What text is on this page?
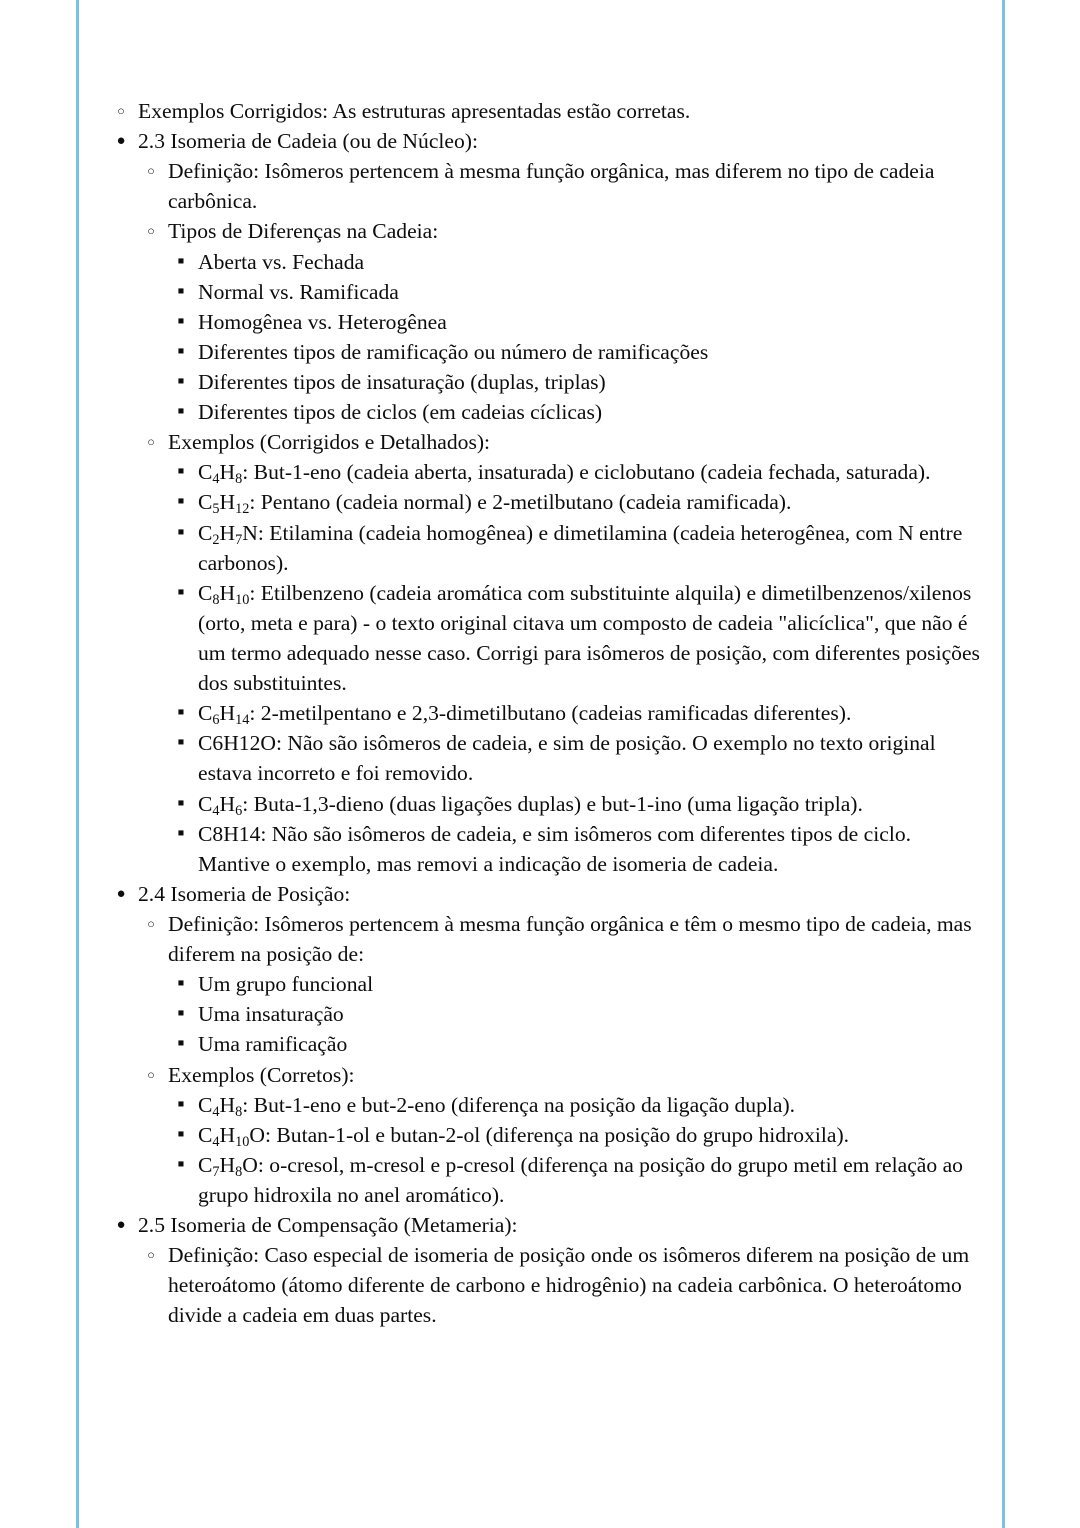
○
Exemplos Corrigidos: As estruturas apresentadas estão corretas.
●
2.3 Isomeria de Cadeia (ou de Núcleo):
○
Definição: Isômeros pertencem à mesma função orgânica, mas diferem no tipo de cadeia carbônica.
○
Tipos de Diferenças na Cadeia:
■
Aberta vs. Fechada
■
Normal vs. Ramificada
■
Homogênea vs. Heterogênea
■
Diferentes tipos de ramificação ou número de ramificações
■
Diferentes tipos de insaturação (duplas, triplas)
■
Diferentes tipos de ciclos (em cadeias cíclicas)
○
Exemplos (Corrigidos e Detalhados):
■
$C_4H_8$: But-1-eno (cadeia aberta, insaturada) e ciclobutano (cadeia fechada, saturada).
■
$C_5H_{12}$: Pentano (cadeia normal) e 2-metilbutano (cadeia ramificada).
■
$C_2H_7N$: Etilamina (cadeia homogênea) e dimetilamina (cadeia heterogênea, com N entre carbonos).
■
$C_8H_{10}$: Etilbenzeno (cadeia aromática com substituinte alquila) e dimetilbenzenos/xilenos (orto, meta e para) - o texto original citava um composto de cadeia "alicíclica", que não é um termo adequado nesse caso. Corrigi para isômeros de posição, com diferentes posições dos substituintes.
■
$C_6H_{14}$: 2-metilpentano e 2,3-dimetilbutano (cadeias ramificadas diferentes).
■
C6H12O: Não são isômeros de cadeia, e sim de posição. O exemplo no texto original estava incorreto e foi removido.
■
$C_4H_6$: Buta-1,3-dieno (duas ligações duplas) e but-1-ino (uma ligação tripla).
■
C8H14: Não são isômeros de cadeia, e sim isômeros com diferentes tipos de ciclo. Mantive o exemplo, mas removi a indicação de isomeria de cadeia.
●
2.4 Isomeria de Posição:
○
Definição: Isômeros pertencem à mesma função orgânica e têm o mesmo tipo de cadeia, mas diferem na posição de:
■
Um grupo funcional
■
Uma insaturação
■
Uma ramificação
○
Exemplos (Corretos):
■
$C_4H_8$: But-1-eno e but-2-eno (diferença na posição da ligação dupla).
■
$C_4H_{10}O$: Butan-1-ol e butan-2-ol (diferença na posição do grupo hidroxila).
■
$C_7H_8O$: o-cresol, m-cresol e p-cresol (diferença na posição do grupo metil em relação ao grupo hidroxila no anel aromático).
●
2.5 Isomeria de Compensação (Metameria):
○
Definição: Caso especial de isomeria de posição onde os isômeros diferem na posição de um heteroátomo (átomo diferente de carbono e hidrogênio) na cadeia carbônica. O heteroátomo divide a cadeia em duas partes.
